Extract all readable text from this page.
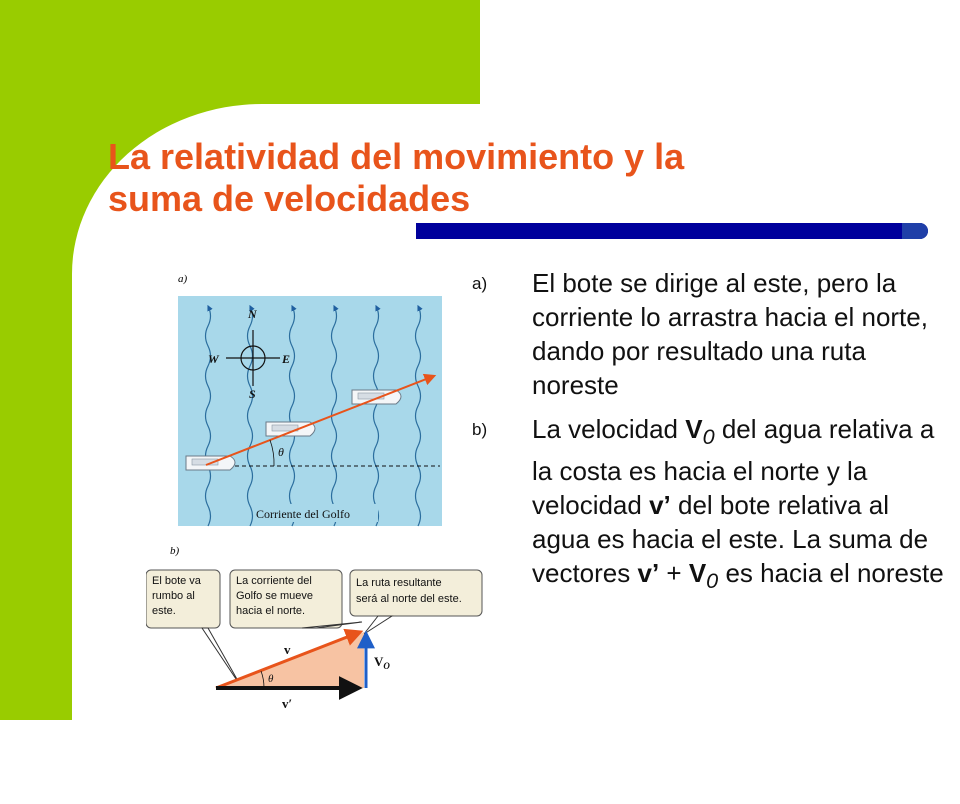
La relatividad del movimiento y la
suma de velocidades
a) El bote se dirige al este, pero la corriente lo arrastra hacia el norte, dando por resultado una ruta noreste
b) La velocidad $V_0$ del agua relativa a la costa es hacia el norte y la velocidad v’ del bote relativa al agua es hacia el este. La suma de vectores v’ + $V_0$ es hacia el noreste
a)
N
S
W	E
θ
Corriente del Golfo
b)
El bote va rumbo al este.
La corriente del Golfo se mueve hacia el norte.
La ruta resultante será al norte del este.
v
θ
v′
$V_O$
